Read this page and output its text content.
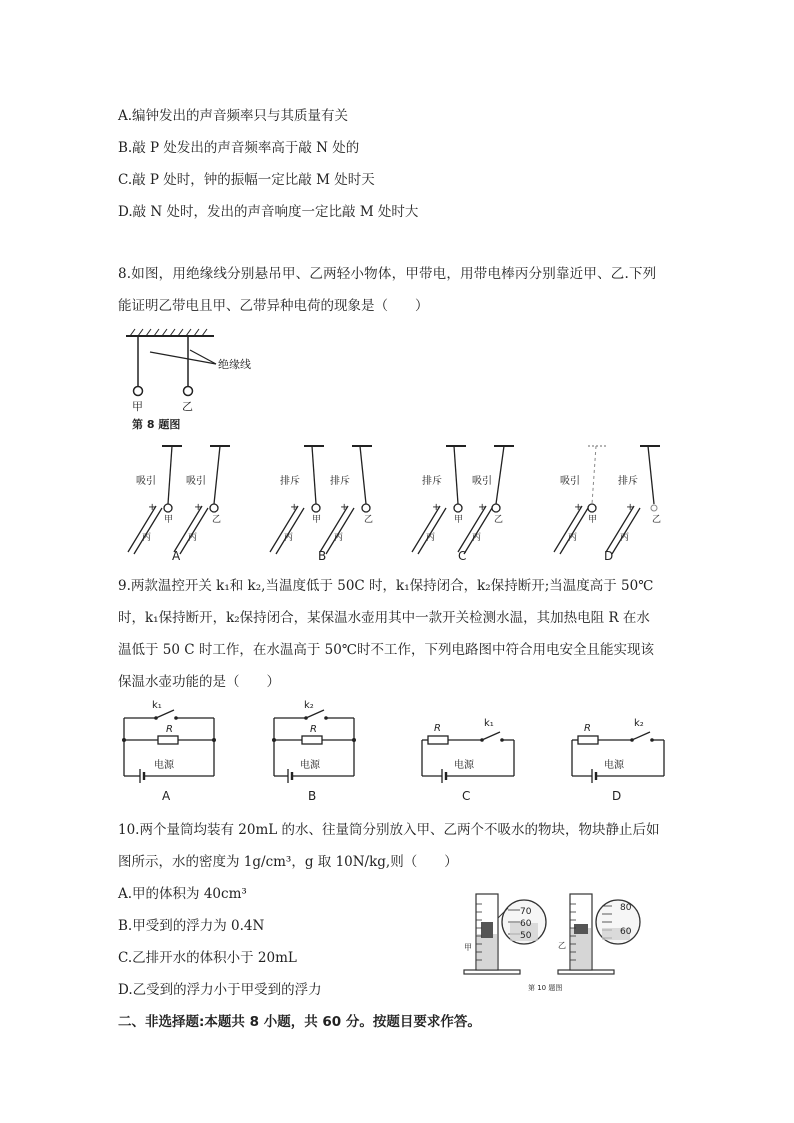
A.编钟发出的声音频率只与其质量有关
B.敲 P 处发出的声音频率高于敲 N 处的
C.敲 P 处时，钟的振幅一定比敲 M 处时天
D.敲 N 处时，发出的声音响度一定比敲 M 处时大
8.如图，用绝缘线分别悬吊甲、乙两轻小物体，甲带电，用带电棒丙分别靠近甲、乙.下列
能证明乙带电且甲、乙带异种电荷的现象是（　　）
绝缘线
甲	乙
第 8 题图
吸引	吸引
+	+
甲	乙
丙	丙
A
排斥	排斥
+	+
甲	乙
丙	丙
B
排斥	吸引
+	+
甲	乙
丙	丙
C
吸引	排斥
+	+
甲	乙
丙	丙
D
9.两款温控开关 k₁和 k₂,当温度低于 50C 时，k₁保持闭合，k₂保持断开;当温度高于 50℃
时，k₁保持断开，k₂保持闭合，某保温水壶用其中一款开关检测水温，其加热电阻 R 在水
温低于 50 C 时工作，在水温高于 50℃时不工作，下列电路图中符合用电安全且能实现该
保温水壶功能的是（　　）
k₁
R
电源
A
k₂
R
电源
B
R	k₁
电源
C
R	k₂
电源
D
10.两个量筒均装有 20mL 的水、往量筒分别放入甲、乙两个不吸水的物块，物块静止后如
图所示，水的密度为 1g/cm³，g 取 10N/kg,则（　　）
A.甲的体积为 40cm³
B.甲受到的浮力为 0.4N
C.乙排开水的体积小于 20mL
D.乙受到的浮力小于甲受到的浮力
70
60
50
甲
80
60
乙
第 10 题图
二、非选择题:本题共 8 小题，共 60 分。按题目要求作答。
